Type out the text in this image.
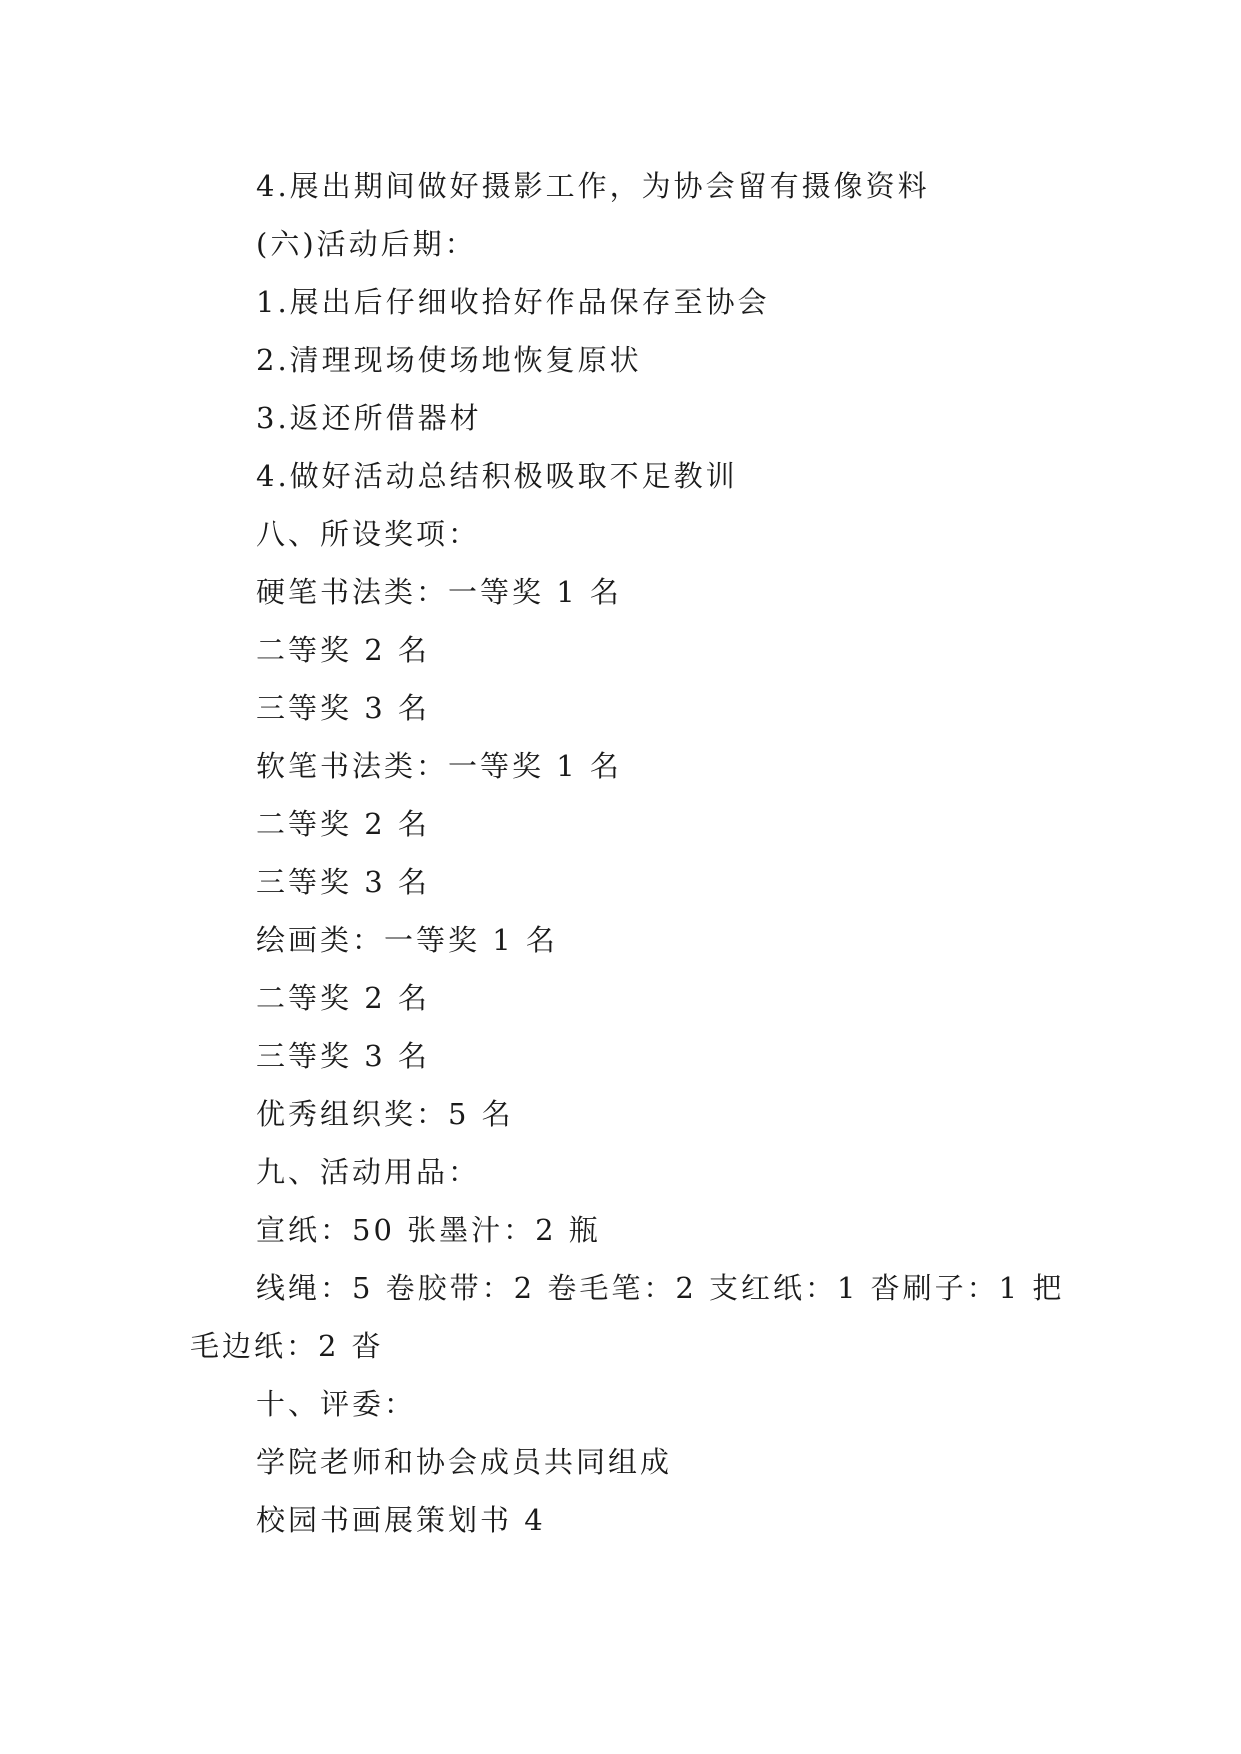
4.展出期间做好摄影工作，为协会留有摄像资料
(六)活动后期：
1.展出后仔细收拾好作品保存至协会
2.清理现场使场地恢复原状
3.返还所借器材
4.做好活动总结积极吸取不足教训
八、所设奖项：
硬笔书法类：一等奖 1 名
二等奖 2 名
三等奖 3 名
软笔书法类：一等奖 1 名
二等奖 2 名
三等奖 3 名
绘画类：一等奖 1 名
二等奖 2 名
三等奖 3 名
优秀组织奖：5 名
九、活动用品：
宣纸：50 张墨汁：2 瓶
线绳：5 卷胶带：2 卷毛笔：2 支红纸：1 沓刷子：1 把
毛边纸：2 沓
十、评委：
学院老师和协会成员共同组成
校园书画展策划书 4
